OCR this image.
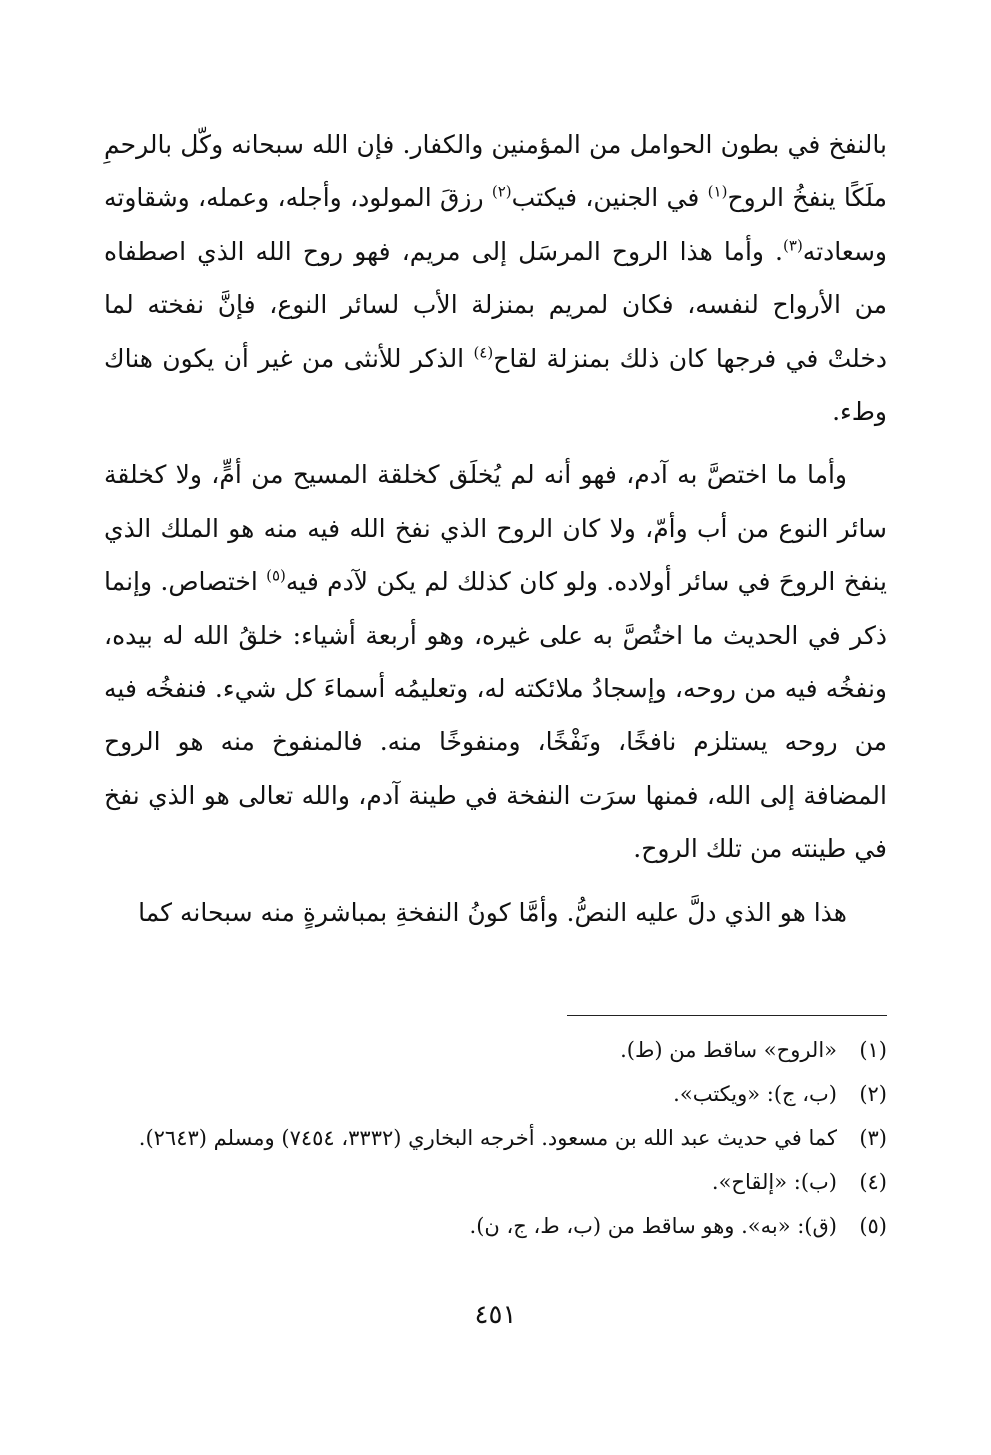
بالنفخ في بطون الحوامل من المؤمنين والكفار. فإن الله سبحانه وكّل بالرحمِ ملَكًا ينفخُ الروح$^{(١)}$ في الجنين، فيكتب$^{(٢)}$ رزقَ المولود، وأجله، وعمله، وشقاوته وسعادته$^{(٣)}$. وأما هذا الروح المرسَل إلى مريم، فهو روح الله الذي اصطفاه من الأرواح لنفسه، فكان لمريم بمنزلة الأب لسائر النوع، فإنَّ نفخته لما دخلتْ في فرجها كان ذلك بمنزلة لقاح$^{(٤)}$ الذكر للأنثى من غير أن يكون هناك وطء.

وأما ما اختصَّ به آدم، فهو أنه لم يُخلَق كخلقة المسيح من أمٍّ، ولا كخلقة سائر النوع من أب وأمّ، ولا كان الروح الذي نفخ الله فيه منه هو الملك الذي ينفخ الروحَ في سائر أولاده. ولو كان كذلك لم يكن لآدم فيه$^{(٥)}$ اختصاص. وإنما ذكر في الحديث ما اختُصَّ به على غيره، وهو أربعة أشياء: خلقُ الله له بيده، ونفخُه فيه من روحه، وإسجادُ ملائكته له، وتعليمُه أسماءَ كل شيء. فنفخُه فيه من روحه يستلزم نافخًا، ونَفْخًا، ومنفوخًا منه. فالمنفوخ منه هو الروح المضافة إلى الله، فمنها سرَت النفخة في طينة آدم، والله تعالى هو الذي نفخ في طينته من تلك الروح.

هذا هو الذي دلَّ عليه النصُّ. وأمَّا كونُ النفخةِ بمباشرةٍ منه سبحانه كما

(١)
«الروح» ساقط من (ط).
(٢)
(ب، ج): «ويكتب».
(٣)
كما في حديث عبد الله بن مسعود. أخرجه البخاري (٣٣٣٢، ٧٤٥٤) ومسلم (٢٦٤٣).
(٤)
(ب): «إلقاح».
(٥)
(ق): «به». وهو ساقط من (ب، ط، ج، ن).
٤٥١
